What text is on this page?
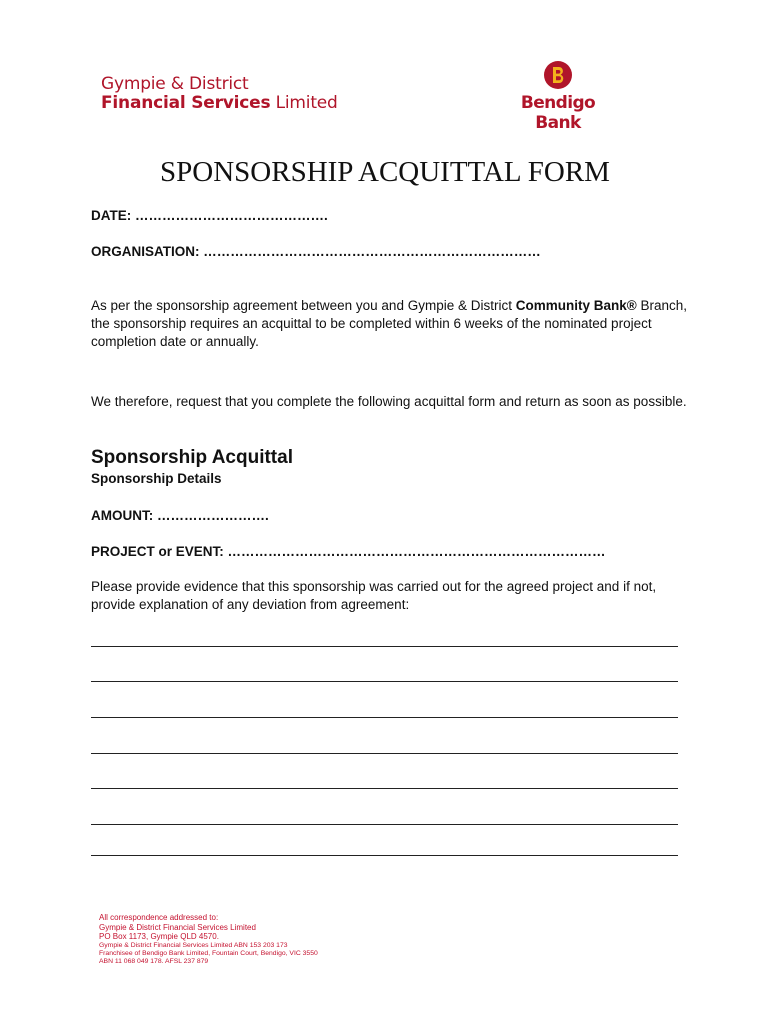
Gympie & District
Financial Services Limited	Bendigo Bank
SPONSORSHIP ACQUITTAL FORM
DATE: …………………………………….
ORGANISATION: …………………………………………………………………
As per the sponsorship agreement between you and Gympie & District Community Bank® Branch, the sponsorship requires an acquittal to be completed within 6 weeks of the nominated project completion date or annually.
We therefore, request that you complete the following acquittal form and return as soon as possible.
Sponsorship Acquittal
Sponsorship Details
AMOUNT: …………………….
PROJECT or EVENT: …………………………………………………………………………
Please provide evidence that this sponsorship was carried out for the agreed project and if not, provide explanation of any deviation from agreement:
All correspondence addressed to:
Gympie & District Financial Services Limited
PO Box 1173, Gympie QLD 4570.
Gympie & District Financial Services Limited ABN 153 203 173
Franchisee of Bendigo Bank Limited, Fountain Court, Bendigo, VIC 3550
ABN 11 068 049 178. AFSL 237 879
